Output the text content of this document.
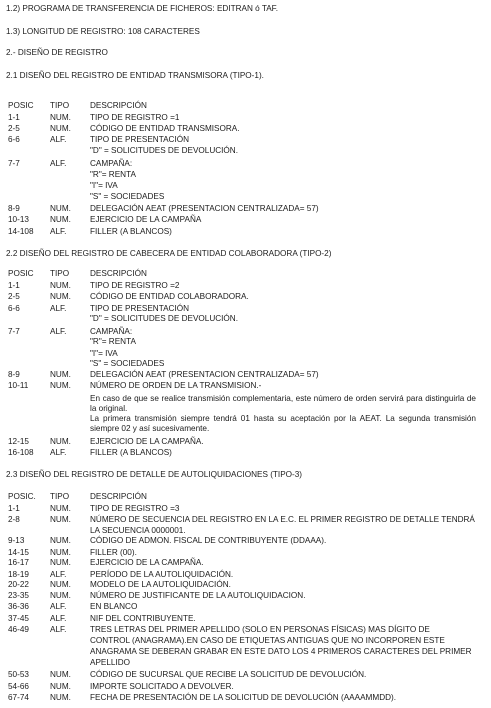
1.2) PROGRAMA DE TRANSFERENCIA DE FICHEROS: EDITRAN ó TAF.
1.3) LONGITUD DE REGISTRO: 108 CARACTERES
2.- DISEÑO DE REGISTRO
2.1 DISEÑO DEL REGISTRO DE ENTIDAD TRANSMISORA (TIPO-1).
POSIC TIPO	DESCRIPCIÓN
1-1	NUM. TIPO DE REGISTRO =1
2-5	NUM. CÓDIGO DE ENTIDAD TRANSMISORA.
6-6	ALF.	TIPO DE PRESENTACIÓN
"D" = SOLICITUDES DE DEVOLUCIÓN.
7-7	ALF.	CAMPAÑA:
"R"= RENTA
"I"= IVA
"S" = SOCIEDADES
8-9	NUM. DELEGACIÓN AEAT (PRESENTACION CENTRALIZADA= 57)
10-13	NUM. EJERCICIO DE LA CAMPAÑA
14-108 ALF.	FILLER (A BLANCOS)
2.2 DISEÑO DEL REGISTRO DE CABECERA DE ENTIDAD COLABORADORA (TIPO-2)
POSIC TIPO	DESCRIPCIÓN
1-1	NUM. TIPO DE REGISTRO =2
2-5	NUM. CÓDIGO DE ENTIDAD COLABORADORA.
6-6	ALF.	TIPO DE PRESENTACIÓN
"D" = SOLICITUDES DE DEVOLUCIÓN.
7-7	ALF.	CAMPAÑA:
"R"= RENTA
"I"= IVA
"S" = SOCIEDADES
8-9	NUM. DELEGACIÓN AEAT (PRESENTACION CENTRALIZADA= 57)
10-11	NUM. NÚMERO DE ORDEN DE LA TRANSMISION.-
En caso de que se realice transmisión complementaria, este número de orden servirá para distinguirla de la original.
La primera transmisión siempre tendrá 01 hasta su aceptación por la AEAT. La segunda transmisión siempre 02 y así sucesivamente.
12-15	NUM. EJERCICIO DE LA CAMPAÑA.
16-108 ALF.	FILLER (A BLANCOS)
2.3 DISEÑO DEL REGISTRO DE DETALLE DE AUTOLIQUIDACIONES (TIPO-3)
POSIC. TIPO	DESCRIPCIÓN
1-1	NUM. TIPO DE REGISTRO =3
2-8	NUM. NÚMERO DE SECUENCIA DEL REGISTRO EN LA E.C. EL PRIMER REGISTRO DE DETALLE TENDRÁ
LA SECUENCIA 0000001.
9-13	NUM. CÓDIGO DE ADMON. FISCAL DE CONTRIBUYENTE (DDAAA).
14-15	NUM. FILLER (00).
16-17	NUM. EJERCICIO DE LA CAMPAÑA.
18-19	ALF.	PERÍODO DE LA AUTOLIQUIDACIÓN.
20-22	NUM. MODELO DE LA AUTOLIQUIDACIÓN.
23-35	NUM. NÚMERO DE JUSTIFICANTE DE LA AUTOLIQUIDACION.
36-36	ALF.	EN BLANCO
37-45	ALF.	NIF DEL CONTRIBUYENTE.
46-49	ALF.	TRES LETRAS DEL PRIMER APELLIDO (SOLO EN PERSONAS FÍSICAS) MAS DÍGITO DE
CONTROL (ANAGRAMA).EN CASO DE ETIQUETAS ANTIGUAS QUE NO INCORPOREN ESTE
ANAGRAMA SE DEBERAN GRABAR EN ESTE DATO LOS 4 PRIMEROS CARACTERES DEL PRIMER
APELLIDO
50-53	NUM. CÓDIGO DE SUCURSAL QUE RECIBE LA SOLICITUD DE DEVOLUCIÓN.
54-66	NUM. IMPORTE SOLICITADO A DEVOLVER.
67-74	NUM. FECHA DE PRESENTACIÓN DE LA SOLICITUD DE DEVOLUCIÓN (AAAAMMDD).
